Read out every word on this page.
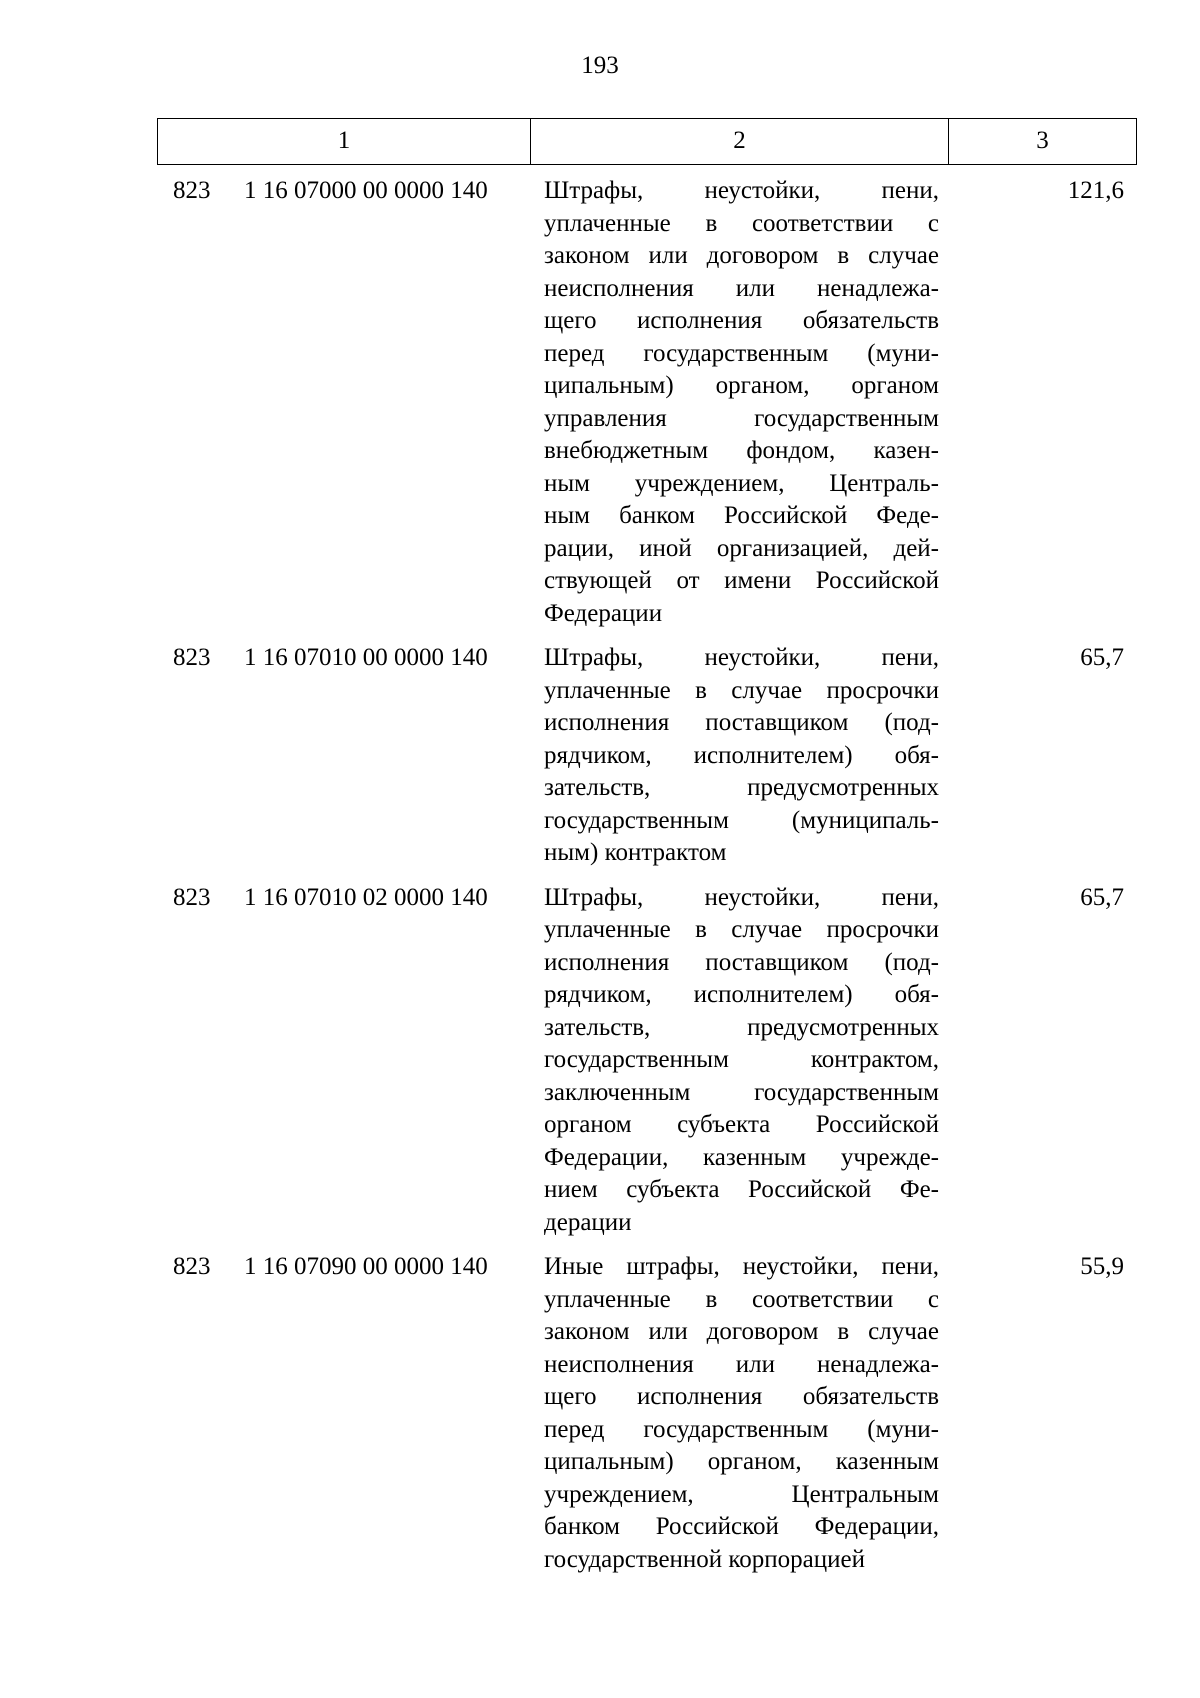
193
1	2	3
823 1 16 07000 00 0000 140 Штрафы, неустойки, пени,
уплаченные в соответствии с
законом или договором в случае
неисполнения или ненадлежа-
щего исполнения обязательств
перед государственным (муни-
ципальным) органом, органом
управления государственным
внебюджетным фондом, казен-
ным учреждением, Централь-
ным банком Российской Феде-
рации, иной организацией, дей-
ствующей от имени Российской
Федерации
121,6
823 1 16 07010 00 0000 140 Штрафы, неустойки, пени,
уплаченные в случае просрочки
исполнения поставщиком (под-
рядчиком, исполнителем) обя-
зательств, предусмотренных
государственным (муниципаль-
ным) контрактом
65,7
823 1 16 07010 02 0000 140 Штрафы, неустойки, пени,
уплаченные в случае просрочки
исполнения поставщиком (под-
рядчиком, исполнителем) обя-
зательств, предусмотренных
государственным контрактом,
заключенным государственным
органом субъекта Российской
Федерации, казенным учрежде-
нием субъекта Российской Фе-
дерации
65,7
823 1 16 07090 00 0000 140 Иные штрафы, неустойки, пени,
уплаченные в соответствии с
законом или договором в случае
неисполнения или ненадлежа-
щего исполнения обязательств
перед государственным (муни-
ципальным) органом, казенным
учреждением, Центральным
банком Российской Федерации,
государственной корпорацией
55,9
